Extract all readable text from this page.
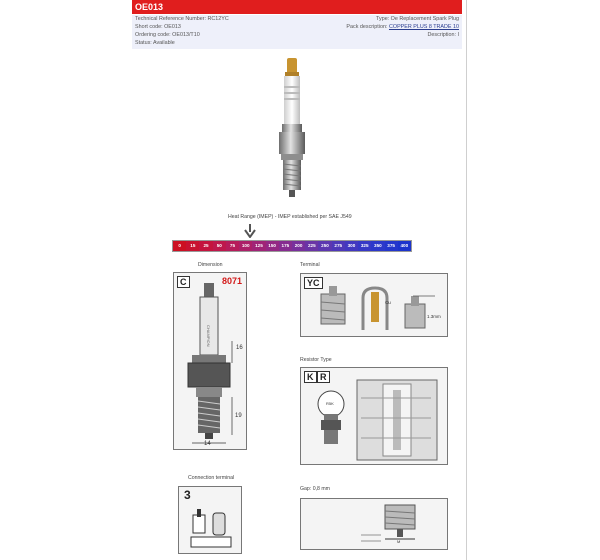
OE013
Technical Reference Number: RC12YC	Type: Oe Replacement Spark Plug
Short code: OE013	Pack description: COPPER PLUS 8 TRADE 10
Ordering code: OE013/T10	Description: I
Status: Available
Heat Range (IMEP) - IMEP established per SAE J549
0	15	25	50	75	100	125	150	175	200	225	250	275	300	325	350	375	400
Dimension
C	8071
CHAMPION
16
19
14
Terminal
YC
Cu
1.3mm
Resistor Type
K R
R5K
Connection terminal
3	Gap: 0,8 mm
M
